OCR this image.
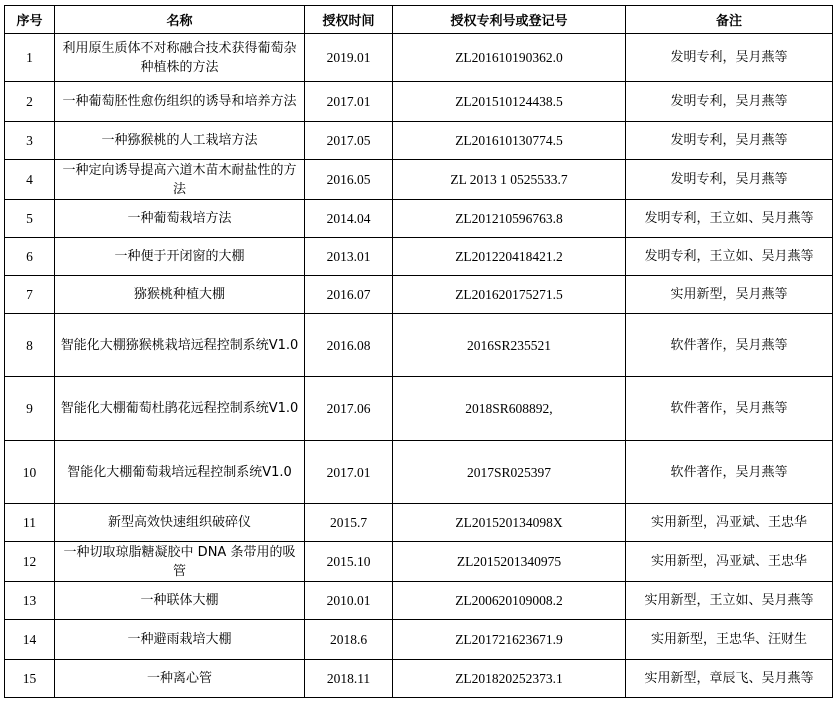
序号	名称	授权时间	授权专利号或登记号	备注
1	利用原生质体不对称融合技术获得葡萄杂种植株的方法	2019.01	ZL201610190362.0	发明专利，吴月燕等
2	一种葡萄胚性愈伤组织的诱导和培养方法	2017.01	ZL201510124438.5	发明专利，吴月燕等
3	一种猕猴桃的人工栽培方法	2017.05	ZL201610130774.5	发明专利，吴月燕等
4	一种定向诱导提高六道木苗木耐盐性的方法	2016.05	ZL 2013 1 0525533.7	发明专利，吴月燕等
5	一种葡萄栽培方法	2014.04	ZL201210596763.8	发明专利，王立如、吴月燕等
6	一种便于开闭窗的大棚	2013.01	ZL201220418421.2	发明专利，王立如、吴月燕等
7	猕猴桃种植大棚	2016.07	ZL201620175271.5	实用新型，吴月燕等
8	智能化大棚猕猴桃栽培远程控制系统V1.0	2016.08	2016SR235521	软件著作，吴月燕等
9	智能化大棚葡萄杜鹃花远程控制系统V1.0	2017.06	2018SR608892,	软件著作，吴月燕等
10	智能化大棚葡萄栽培远程控制系统V1.0	2017.01	2017SR025397	软件著作，吴月燕等
11	新型高效快速组织破碎仪	2015.7	ZL201520134098X	实用新型，冯亚斌、王忠华
12	一种切取琼脂糖凝胶中 DNA 条带用的吸管	2015.10	ZL2015201340975	实用新型，冯亚斌、王忠华
13	一种联体大棚	2010.01	ZL200620109008.2	实用新型，王立如、吴月燕等
14	一种避雨栽培大棚	2018.6	ZL201721623671.9	实用新型，王忠华、汪财生
15	一种离心管	2018.11	ZL201820252373.1	实用新型，章辰飞、吴月燕等
